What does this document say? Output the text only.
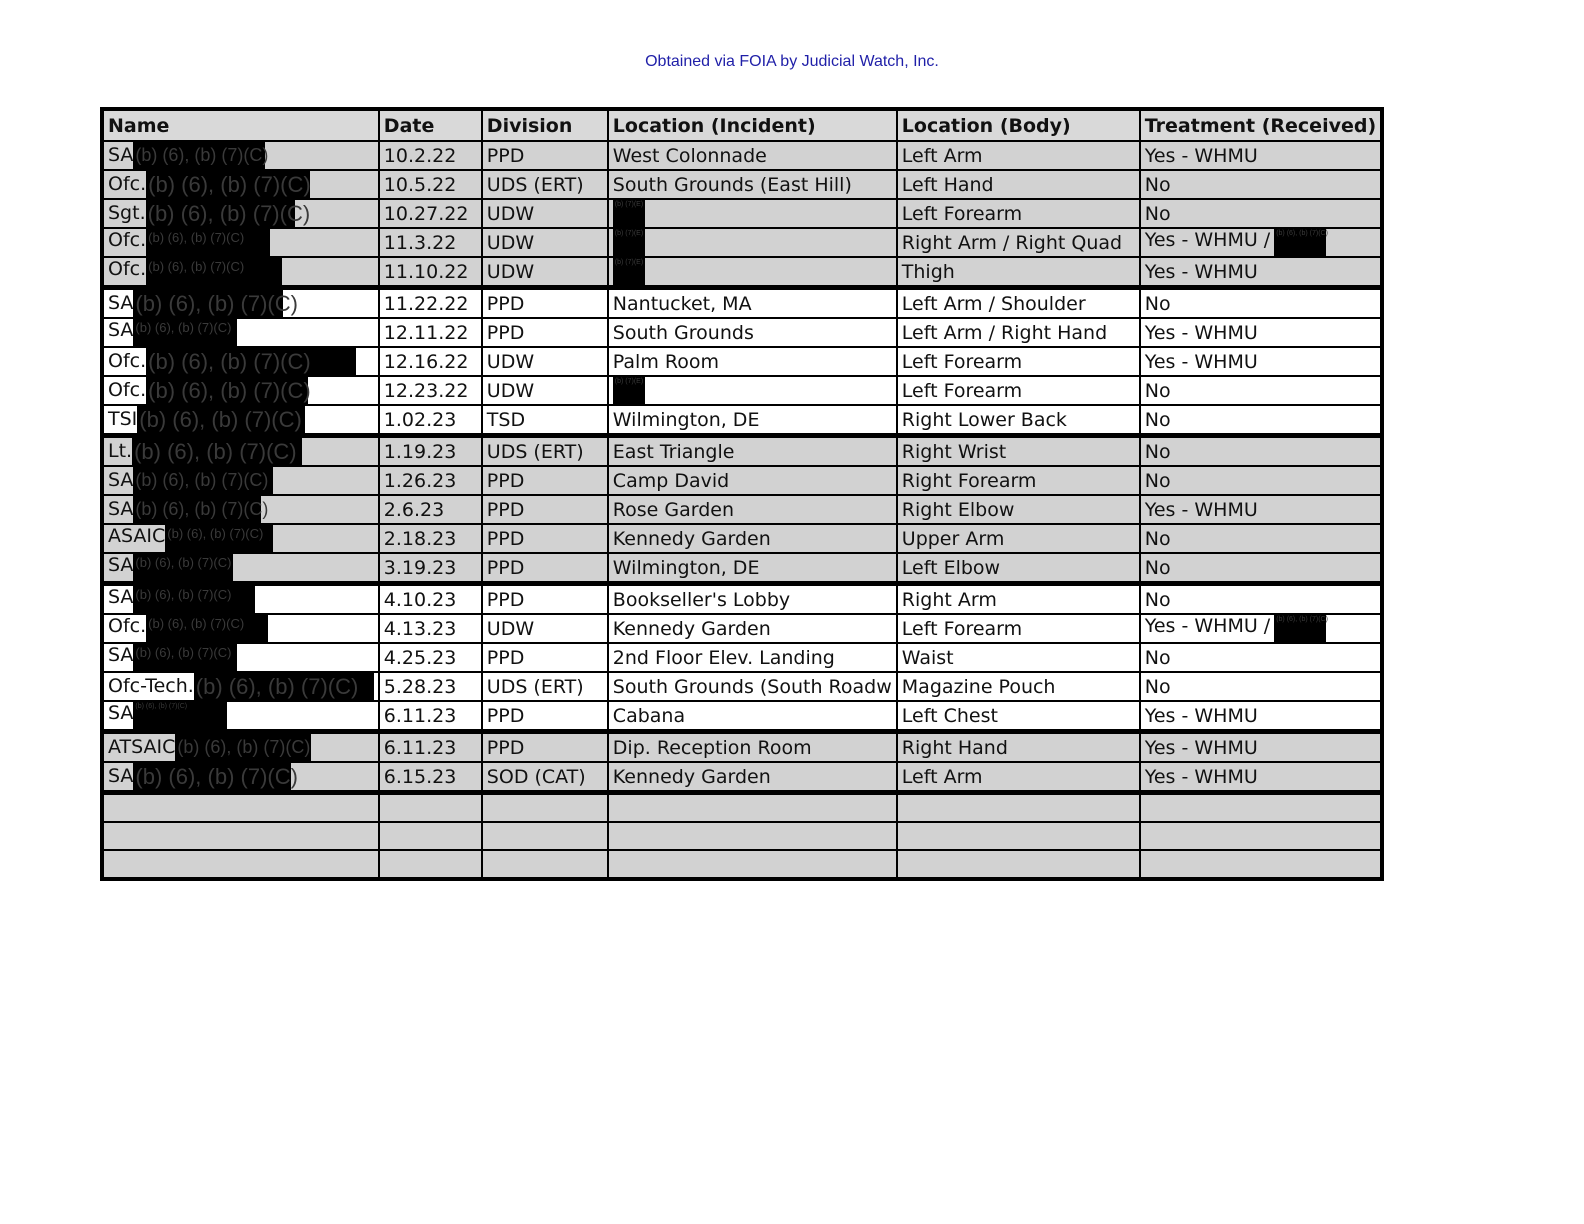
Obtained via FOIA by Judicial Watch, Inc.
Name	Date	Division	Location (Incident)	Location (Body)	Treatment (Received)
SA (b) (6), (b) (7)(C)	10.2.22	PPD	West Colonnade	Left Arm	Yes - WHMU
Ofc.(b) (6), (b) (7)(C)	10.5.22	UDS (ERT)	South Grounds (East Hill)	Left Hand	No
Sgt.(b) (6), (b) (7)(C)	10.27.22	UDW	(b) (7)(E)	Left Forearm	No
Ofc. (b) (6), (b) (7)(C)	11.3.22	UDW	(b) (7)(E)	Right Arm / Right Quad	Yes - WHMU / (b) (6), (b) (7)(C)
Ofc. (b) (6), (b) (7)(C)	11.10.22	UDW	(b) (7)(E)	Thigh	Yes - WHMU
SA(b) (6), (b) (7)(C)	11.22.22	PPD	Nantucket, MA	Left Arm / Shoulder	No
SA (b) (6), (b) (7)(C)	12.11.22	PPD	South Grounds	Left Arm / Right Hand	Yes - WHMU
Ofc.(b) (6), (b) (7)(C)	12.16.22	UDW	Palm Room	Left Forearm	Yes - WHMU
Ofc.(b) (6), (b) (7)(C)	12.23.22	UDW	(b) (7)(E)	Left Forearm	No
TSI(b) (6), (b) (7)(C)	1.02.23	TSD	Wilmington, DE	Right Lower Back	No
Lt.(b) (6), (b) (7)(C)	1.19.23	UDS (ERT)	East Triangle	Right Wrist	No
SA (b) (6), (b) (7)(C)	1.26.23	PPD	Camp David	Right Forearm	No
SA (b) (6), (b) (7)(C)	2.6.23	PPD	Rose Garden	Right Elbow	Yes - WHMU
ASAIC (b) (6), (b) (7)(C)	2.18.23	PPD	Kennedy Garden	Upper Arm	No
SA (b) (6), (b) (7)(C)	3.19.23	PPD	Wilmington, DE	Left Elbow	No
SA (b) (6), (b) (7)(C)	4.10.23	PPD	Bookseller's Lobby	Right Arm	No
Ofc. (b) (6), (b) (7)(C)	4.13.23	UDW	Kennedy Garden	Left Forearm	Yes - WHMU / (b) (6), (b) (7)(C)
SA (b) (6), (b) (7)(C)	4.25.23	PPD	2nd Floor Elev. Landing	Waist	No
Ofc-Tech.(b) (6), (b) (7)(C)	5.28.23	UDS (ERT)	South Grounds (South Roadw	Magazine Pouch	No
SA (b) (6), (b) (7)(C)	6.11.23	PPD	Cabana	Left Chest	Yes - WHMU
ATSAIC (b) (6), (b) (7)(C)	6.11.23	PPD	Dip. Reception Room	Right Hand	Yes - WHMU
SA(b) (6), (b) (7)(C)	6.15.23	SOD (CAT)	Kennedy Garden	Left Arm	Yes - WHMU
